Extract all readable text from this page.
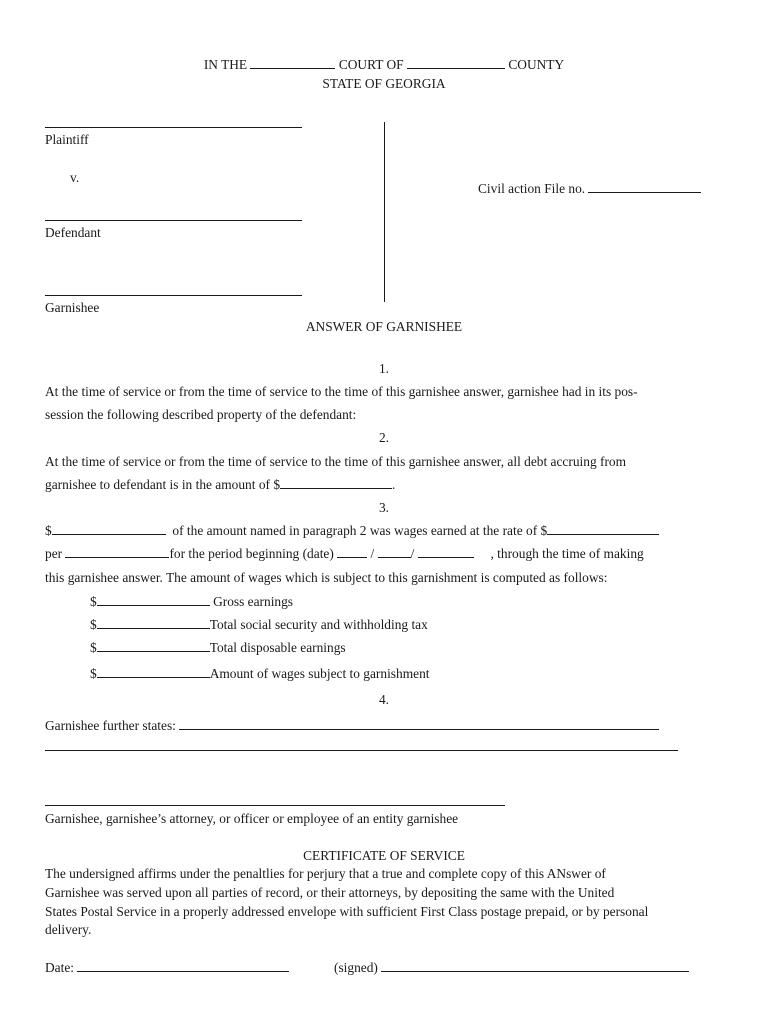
IN THE	COURT OF	COUNTY
STATE OF GEORGIA
Plaintiff
v.
Defendant
Garnishee
Civil action File no.
ANSWER OF GARNISHEE
1.
At the time of service or from the time of service to the time of this garnishee answer, garnishee had in its pos-
session the following described property of the defendant:
2.
At the time of service or from the time of service to the time of this garnishee answer, all debt accruing from
garnishee to defendant is in the amount of $	.
3.
$	of the amount named in paragraph 2 was wages earned at the rate of $
per	for the period beginning (date)	/	/	, through the time of making
this garnishee answer. The amount of wages which is subject to this garnishment is computed as follows:
$	Gross earnings
$	Total social security and withholding tax
$	Total disposable earnings
$	Amount of wages subject to garnishment
4.
Garnishee further states:
Garnishee, garnishee’s attorney, or officer or employee of an entity garnishee
CERTIFICATE OF SERVICE
The undersigned affirms under the penaltlies for perjury that a true and complete copy of this ANswer of
Garnishee was served upon all parties of record, or their attorneys, by depositing the same with the United
States Postal Service in a properly addressed envelope with sufficient First Class postage prepaid, or by personal
delivery.
Date:	(signed)
